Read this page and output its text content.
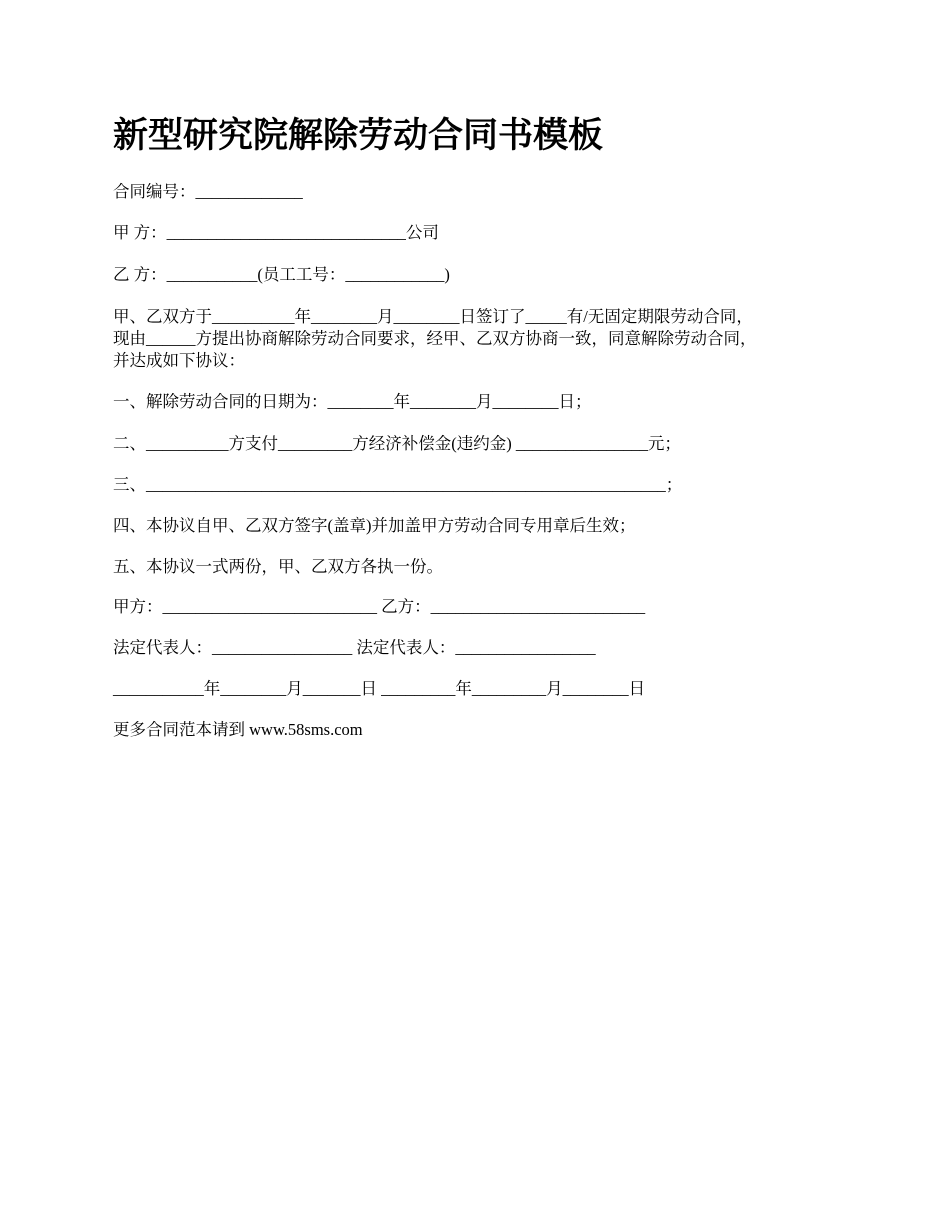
新型研究院解除劳动合同书模板

合同编号：_____________

甲 方：_____________________________公司

乙 方：___________(员工工号：____________)

甲、乙双方于__________年________月________日签订了_____有/无固定期限劳动合同，
现由______方提出协商解除劳动合同要求，经甲、乙双方协商一致，同意解除劳动合同，
并达成如下协议：

一、解除劳动合同的日期为：________年________月________日；

二、__________方支付_________方经济补偿金(违约金) ________________元；

三、_______________________________________________________________；

四、本协议自甲、乙双方签字(盖章)并加盖甲方劳动合同专用章后生效；

五、本协议一式两份，甲、乙双方各执一份。

甲方：__________________________ 乙方：__________________________

法定代表人：_________________ 法定代表人：_________________

___________年________月_______日 _________年_________月________日

更多合同范本请到 www.58sms.com
